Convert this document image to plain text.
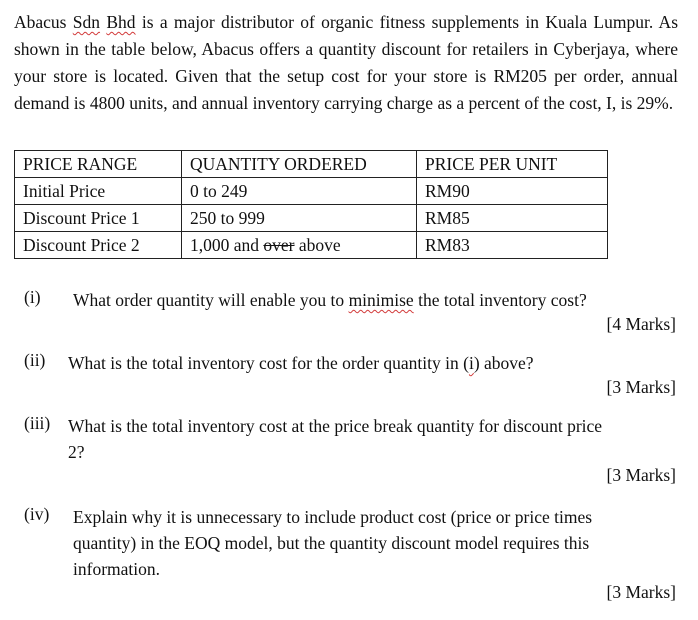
Abacus Sdn Bhd is a major distributor of organic fitness supplements in Kuala Lumpur. As shown in the table below, Abacus offers a quantity discount for retailers in Cyberjaya, where your store is located. Given that the setup cost for your store is RM205 per order, annual demand is 4800 units, and annual inventory carrying charge as a percent of the cost, I, is 29%.

PRICE RANGE	QUANTITY ORDERED	PRICE PER UNIT
Initial Price	0 to 249	RM90
Discount Price 1	250 to 999	RM85
Discount Price 2	1,000 and over above	RM83
(i) What order quantity will enable you to minimise the total inventory cost?

[4 Marks]
(ii) What is the total inventory cost for the order quantity in (i) above?

[3 Marks]
(iii) What is the total inventory cost at the price break quantity for discount price

2?

[3 Marks]
(iv) Explain why it is unnecessary to include product cost (price or price times

quantity) in the EOQ model, but the quantity discount model requires this

information.

[3 Marks]
